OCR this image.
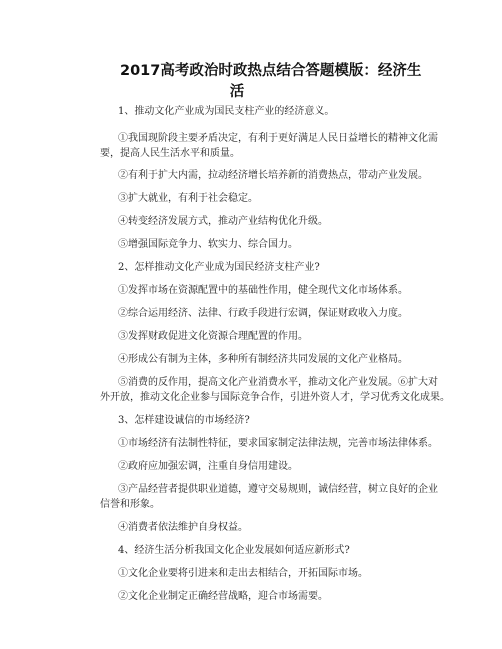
2017高考政治时政热点结合答题模版：经济生
活

1、推动文化产业成为国民支柱产业的经济意义。

①我国现阶段主要矛盾决定，有利于更好满足人民日益增长的精神文化需

要，提高人民生活水平和质量。

②有利于扩大内需，拉动经济增长培养新的消费热点，带动产业发展。

③扩大就业，有利于社会稳定。

④转变经济发展方式，推动产业结构优化升级。

⑤增强国际竞争力、软实力、综合国力。

2、怎样推动文化产业成为国民经济支柱产业?

①发挥市场在资源配置中的基础性作用，健全现代文化市场体系。

②综合运用经济、法律、行政手段进行宏调，保证财政收入力度。

③发挥财政促进文化资源合理配置的作用。

④形成公有制为主体，多种所有制经济共同发展的文化产业格局。

⑤消费的反作用，提高文化产业消费水平，推动文化产业发展。⑥扩大对

外开放，推动文化企业参与国际竞争合作，引进外资人才，学习优秀文化成果。

3、怎样建设诚信的市场经济?

①市场经济有法制性特征，要求国家制定法律法规，完善市场法律体系。

②政府应加强宏调，注重自身信用建设。

③产品经营者提供职业道德，遵守交易规则，诚信经营，树立良好的企业

信誉和形象。

④消费者依法维护自身权益。

4、经济生活分析我国文化企业发展如何适应新形式?

①文化企业要将引进来和走出去相结合，开拓国际市场。

②文化企业制定正确经营战略，迎合市场需要。
